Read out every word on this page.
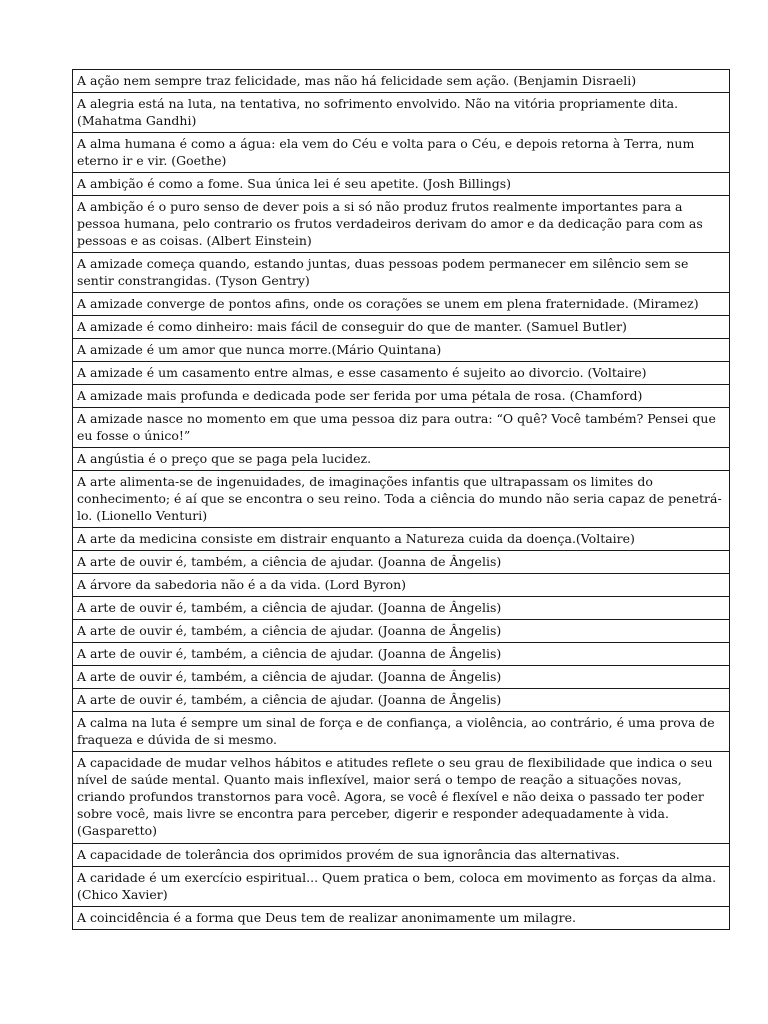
A ação nem sempre traz felicidade, mas não há felicidade sem ação. (Benjamin Disraeli)
A alegria está na luta, na tentativa, no sofrimento envolvido. Não na vitória propriamente dita. (Mahatma Gandhi)
A alma humana é como a água: ela vem do Céu e volta para o Céu, e depois retorna à Terra, num eterno ir e vir. (Goethe)
A ambição é como a fome. Sua única lei é seu apetite. (Josh Billings)
A ambição é o puro senso de dever pois a si só não produz frutos realmente importantes para a pessoa humana, pelo contrario os frutos verdadeiros derivam do amor e da dedicação para com as pessoas e as coisas. (Albert Einstein)
A amizade começa quando, estando juntas, duas pessoas podem permanecer em silêncio sem se sentir constrangidas. (Tyson Gentry)
A amizade converge de pontos afins, onde os corações se unem em plena fraternidade. (Miramez)
A amizade é como dinheiro: mais fácil de conseguir do que de manter. (Samuel Butler)
A amizade é um amor que nunca morre.(Mário Quintana)
A amizade é um casamento entre almas, e esse casamento é sujeito ao divorcio. (Voltaire)
A amizade mais profunda e dedicada pode ser ferida por uma pétala de rosa. (Chamford)
A amizade nasce no momento em que uma pessoa diz para outra: “O quê? Você também? Pensei que eu fosse o único!”
A angústia é o preço que se paga pela lucidez.
A arte alimenta-se de ingenuidades, de imaginações infantis que ultrapassam os limites do conhecimento; é aí que se encontra o seu reino. Toda a ciência do mundo não seria capaz de penetrá-lo. (Lionello Venturi)
A arte da medicina consiste em distrair enquanto a Natureza cuida da doença.(Voltaire)
A arte de ouvir é, também, a ciência de ajudar. (Joanna de Ângelis)
A árvore da sabedoria não é a da vida. (Lord Byron)
A arte de ouvir é, também, a ciência de ajudar. (Joanna de Ângelis)
A arte de ouvir é, também, a ciência de ajudar. (Joanna de Ângelis)
A arte de ouvir é, também, a ciência de ajudar. (Joanna de Ângelis)
A arte de ouvir é, também, a ciência de ajudar. (Joanna de Ângelis)
A arte de ouvir é, também, a ciência de ajudar. (Joanna de Ângelis)
A calma na luta é sempre um sinal de força e de confiança, a violência, ao contrário, é uma prova de fraqueza e dúvida de si mesmo.
A capacidade de mudar velhos hábitos e atitudes reflete o seu grau de flexibilidade que indica o seu nível de saúde mental. Quanto mais inflexível, maior será o tempo de reação a situações novas, criando profundos transtornos para você. Agora, se você é flexível e não deixa o passado ter poder sobre você, mais livre se encontra para perceber, digerir e responder adequadamente à vida. (Gasparetto)
A capacidade de tolerância dos oprimidos provém de sua ignorância das alternativas.
A caridade é um exercício espiritual... Quem pratica o bem, coloca em movimento as forças da alma. (Chico Xavier)
A coincidência é a forma que Deus tem de realizar anonimamente um milagre.
